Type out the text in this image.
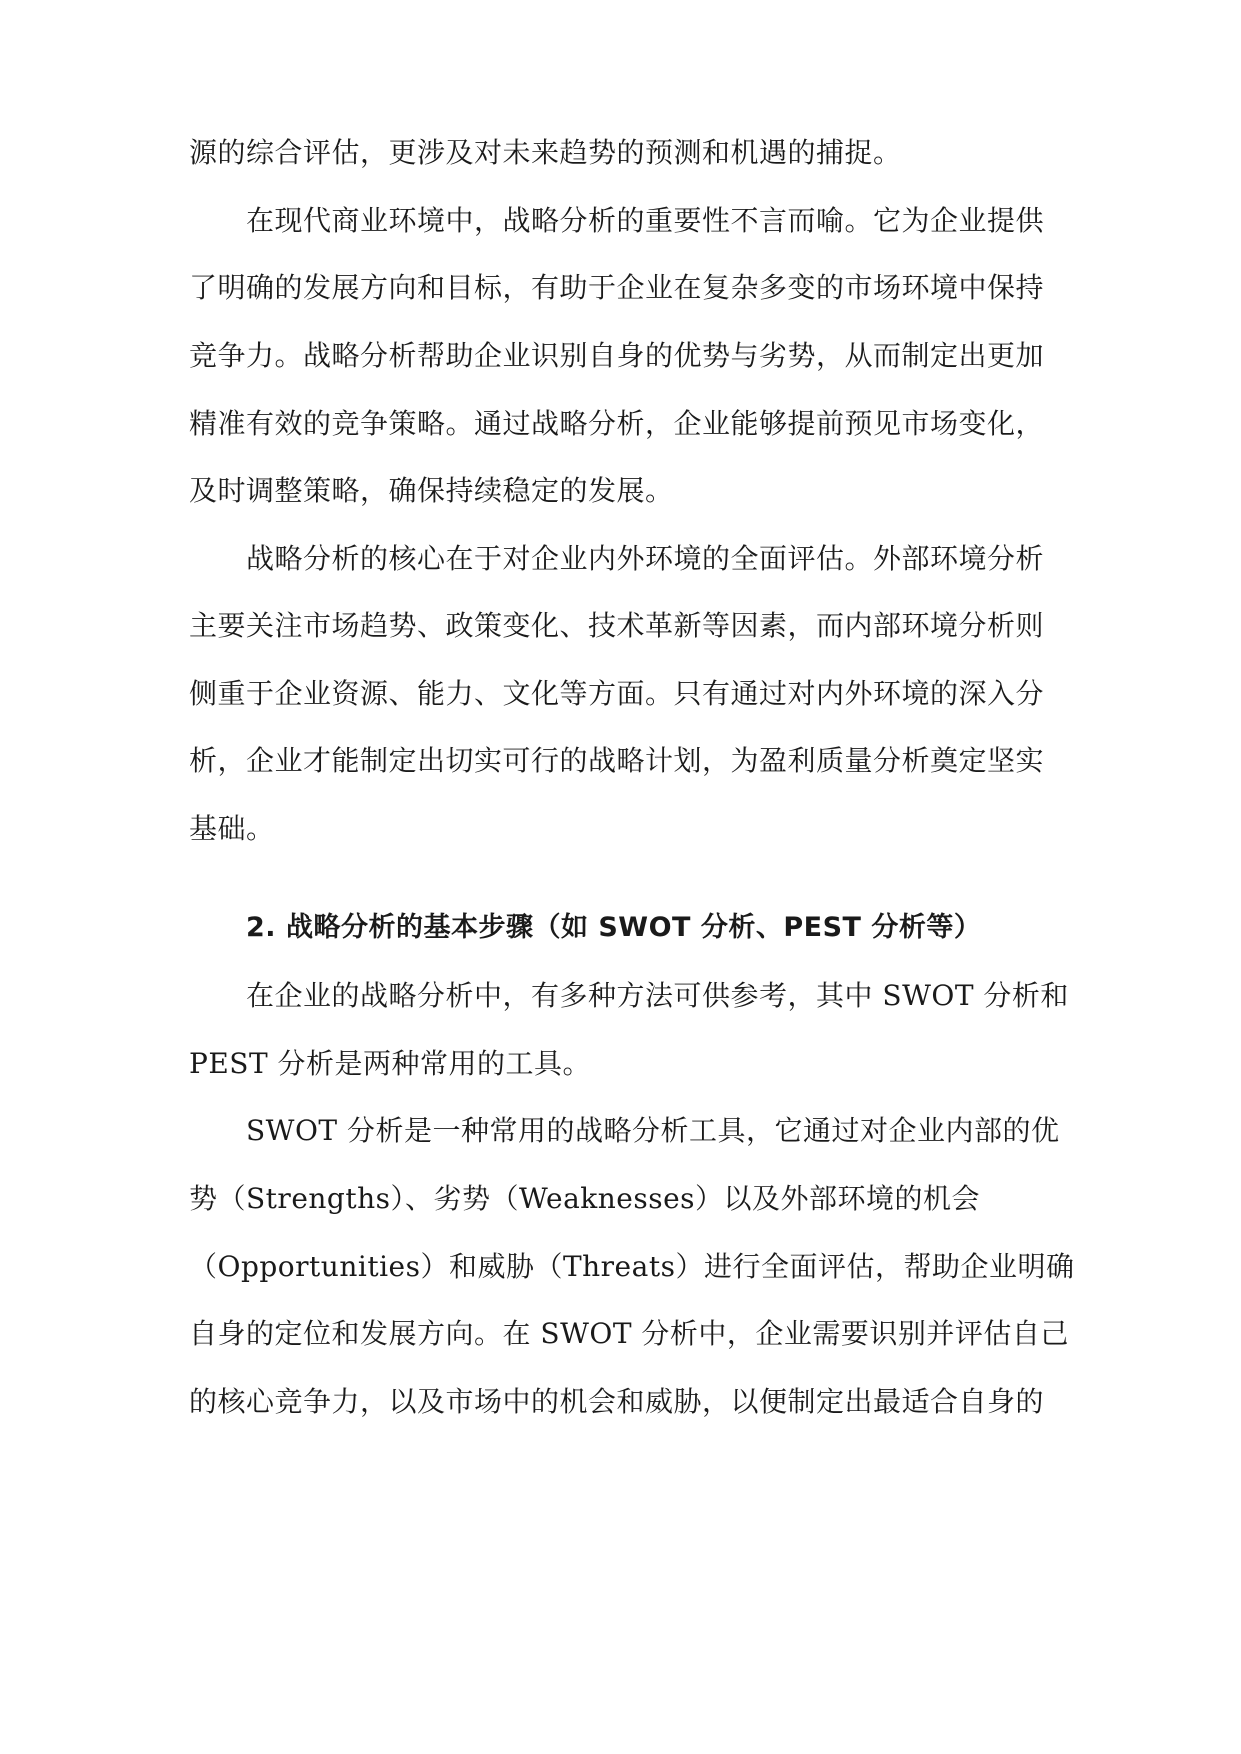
源的综合评估，更涉及对未来趋势的预测和机遇的捕捉。
在现代商业环境中，战略分析的重要性不言而喻。它为企业提供
了明确的发展方向和目标，有助于企业在复杂多变的市场环境中保持
竞争力。战略分析帮助企业识别自身的优势与劣势，从而制定出更加
精准有效的竞争策略。通过战略分析，企业能够提前预见市场变化，
及时调整策略，确保持续稳定的发展。
战略分析的核心在于对企业内外环境的全面评估。外部环境分析
主要关注市场趋势、政策变化、技术革新等因素，而内部环境分析则
侧重于企业资源、能力、文化等方面。只有通过对内外环境的深入分
析，企业才能制定出切实可行的战略计划，为盈利质量分析奠定坚实
基础。
2. 战略分析的基本步骤（如 SWOT 分析、PEST 分析等）
在企业的战略分析中，有多种方法可供参考，其中 SWOT 分析和
PEST 分析是两种常用的工具。
SWOT 分析是一种常用的战略分析工具，它通过对企业内部的优
势（Strengths）、劣势（Weaknesses）以及外部环境的机会
（Opportunities）和威胁（Threats）进行全面评估，帮助企业明确
自身的定位和发展方向。在 SWOT 分析中，企业需要识别并评估自己
的核心竞争力，以及市场中的机会和威胁，以便制定出最适合自身的
